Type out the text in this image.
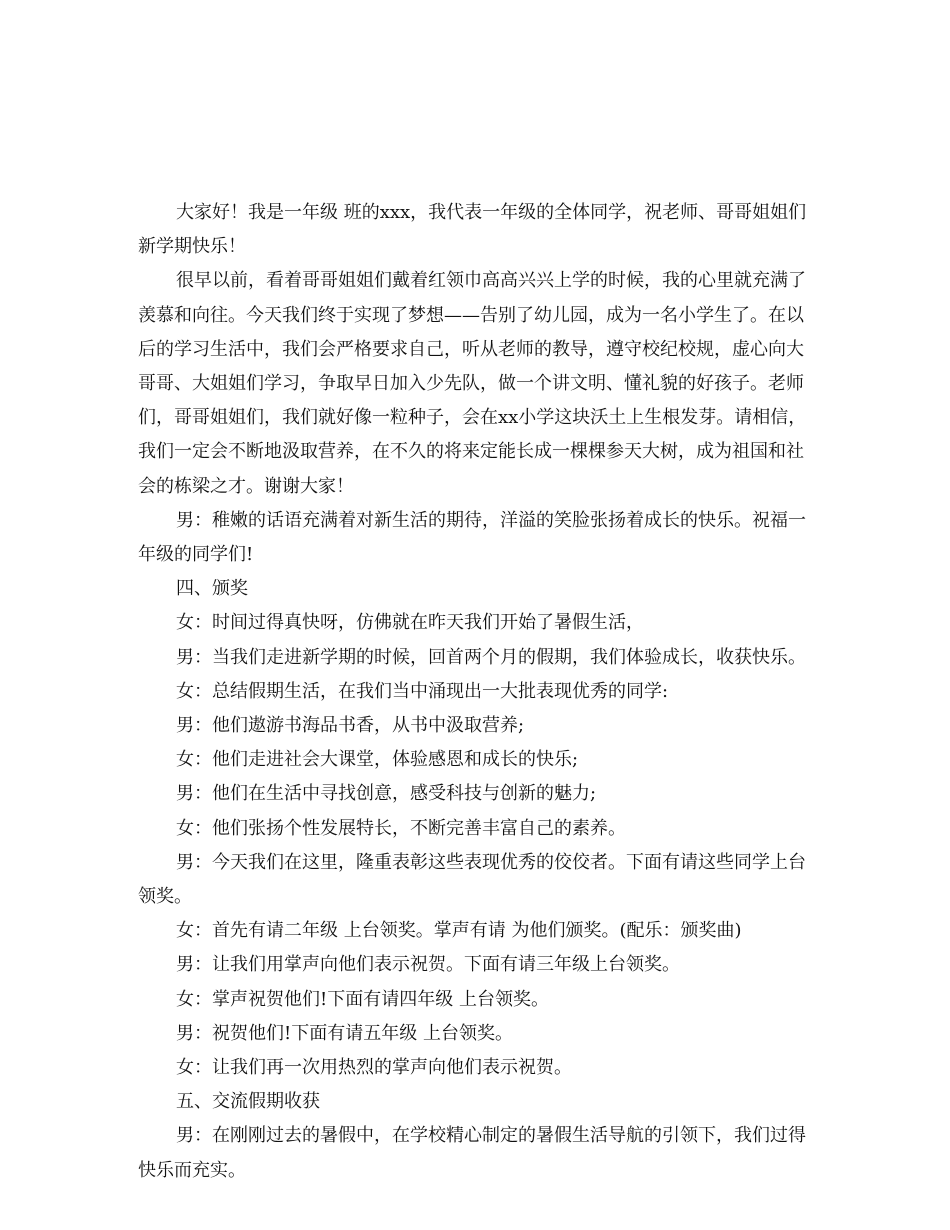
大家好！我是一年级 班的xxx，我代表一年级的全体同学，祝老师、哥哥姐姐们新学期快乐！

很早以前，看着哥哥姐姐们戴着红领巾高高兴兴上学的时候，我的心里就充满了羡慕和向往。今天我们终于实现了梦想——告别了幼儿园，成为一名小学生了。在以后的学习生活中，我们会严格要求自己，听从老师的教导，遵守校纪校规，虚心向大哥哥、大姐姐们学习，争取早日加入少先队，做一个讲文明、懂礼貌的好孩子。老师们，哥哥姐姐们，我们就好像一粒种子，会在xx小学这块沃土上生根发芽。请相信，我们一定会不断地汲取营养，在不久的将来定能长成一棵棵参天大树，成为祖国和社会的栋梁之才。谢谢大家！

男：稚嫩的话语充满着对新生活的期待，洋溢的笑脸张扬着成长的快乐。祝福一年级的同学们!

四、颁奖

女：时间过得真快呀，仿佛就在昨天我们开始了暑假生活，

男：当我们走进新学期的时候，回首两个月的假期，我们体验成长，收获快乐。

女：总结假期生活，在我们当中涌现出一大批表现优秀的同学:

男：他们遨游书海品书香，从书中汲取营养;

女：他们走进社会大课堂，体验感恩和成长的快乐;

男：他们在生活中寻找创意，感受科技与创新的魅力;

女：他们张扬个性发展特长，不断完善丰富自己的素养。

男：今天我们在这里，隆重表彰这些表现优秀的佼佼者。下面有请这些同学上台领奖。

女：首先有请二年级 上台领奖。掌声有请 为他们颁奖。(配乐：颁奖曲)

男：让我们用掌声向他们表示祝贺。下面有请三年级上台领奖。

女：掌声祝贺他们!下面有请四年级 上台领奖。

男：祝贺他们!下面有请五年级 上台领奖。

女：让我们再一次用热烈的掌声向他们表示祝贺。

五、交流假期收获

男：在刚刚过去的暑假中，在学校精心制定的暑假生活导航的引领下，我们过得快乐而充实。
